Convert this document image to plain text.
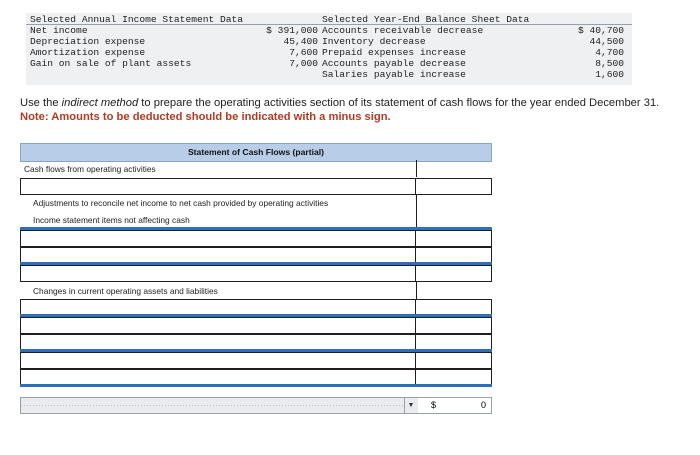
Selected Annual Income Statement Data
Net income
Depreciation expense
Amortization expense
Gain on sale of plant assets
$ 391,000
45,400
7,600
7,000
Selected Year-End Balance Sheet Data
Accounts receivable decrease
Inventory decrease
Prepaid expenses increase
Accounts payable decrease
Salaries payable increase
$ 40,700
44,500
4,700
8,500
1,600
Use the indirect method to prepare the operating activities section of its statement of cash flows for the year ended December 31.
Note: Amounts to be deducted should be indicated with a minus sign.
Statement of Cash Flows (partial)
Cash flows from operating activities
Adjustments to reconcile net income to net cash provided by operating activities
Income statement items not affecting cash
Changes in current operating assets and liabilities
▼ $	0
